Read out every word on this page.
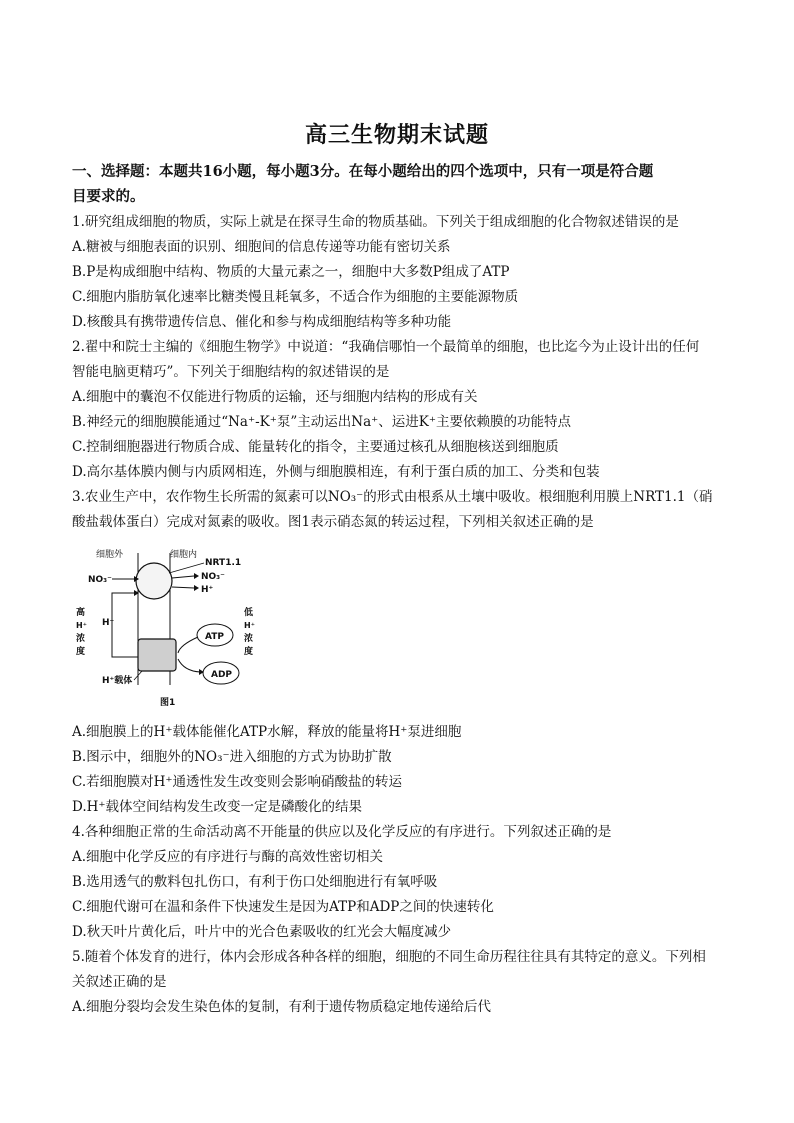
高三生物期末试题
一、选择题：本题共16小题，每小题3分。在每小题给出的四个选项中，只有一项是符合题
目要求的。
1.研究组成细胞的物质，实际上就是在探寻生命的物质基础。下列关于组成细胞的化合物叙述错误的是
A.糖被与细胞表面的识别、细胞间的信息传递等功能有密切关系
B.P是构成细胞中结构、物质的大量元素之一，细胞中大多数P组成了ATP
C.细胞内脂肪氧化速率比糖类慢且耗氧多，不适合作为细胞的主要能源物质
D.核酸具有携带遗传信息、催化和参与构成细胞结构等多种功能
2.翟中和院士主编的《细胞生物学》中说道：“我确信哪怕一个最简单的细胞，也比迄今为止设计出的任何
智能电脑更精巧”。下列关于细胞结构的叙述错误的是
A.细胞中的囊泡不仅能进行物质的运输，还与细胞内结构的形成有关
B.神经元的细胞膜能通过“Na⁺-K⁺泵”主动运出Na⁺、运进K⁺主要依赖膜的功能特点
C.控制细胞器进行物质合成、能量转化的指令，主要通过核孔从细胞核送到细胞质
D.高尔基体膜内侧与内质网相连，外侧与细胞膜相连，有利于蛋白质的加工、分类和包装
3.农业生产中，农作物生长所需的氮素可以NO₃⁻的形式由根系从土壤中吸收。根细胞利用膜上NRT1.1（硝
酸盐载体蛋白）完成对氮素的吸收。图1表示硝态氮的转运过程，下列相关叙述正确的是
细胞外	细胞内
NRT1.1
NO₃⁻	NO₃⁻
H⁺
H⁺
高
H⁺
浓
度
低
H⁺
浓
度
ATP
ADP
H⁺载体
图1
A.细胞膜上的H⁺载体能催化ATP水解，释放的能量将H⁺泵进细胞
B.图示中，细胞外的NO₃⁻进入细胞的方式为协助扩散
C.若细胞膜对H⁺通透性发生改变则会影响硝酸盐的转运
D.H⁺载体空间结构发生改变一定是磷酸化的结果
4.各种细胞正常的生命活动离不开能量的供应以及化学反应的有序进行。下列叙述正确的是
A.细胞中化学反应的有序进行与酶的高效性密切相关
B.选用透气的敷料包扎伤口，有利于伤口处细胞进行有氧呼吸
C.细胞代谢可在温和条件下快速发生是因为ATP和ADP之间的快速转化
D.秋天叶片黄化后，叶片中的光合色素吸收的红光会大幅度减少
5.随着个体发育的进行，体内会形成各种各样的细胞，细胞的不同生命历程往往具有其特定的意义。下列相
关叙述正确的是
A.细胞分裂均会发生染色体的复制，有利于遗传物质稳定地传递给后代
